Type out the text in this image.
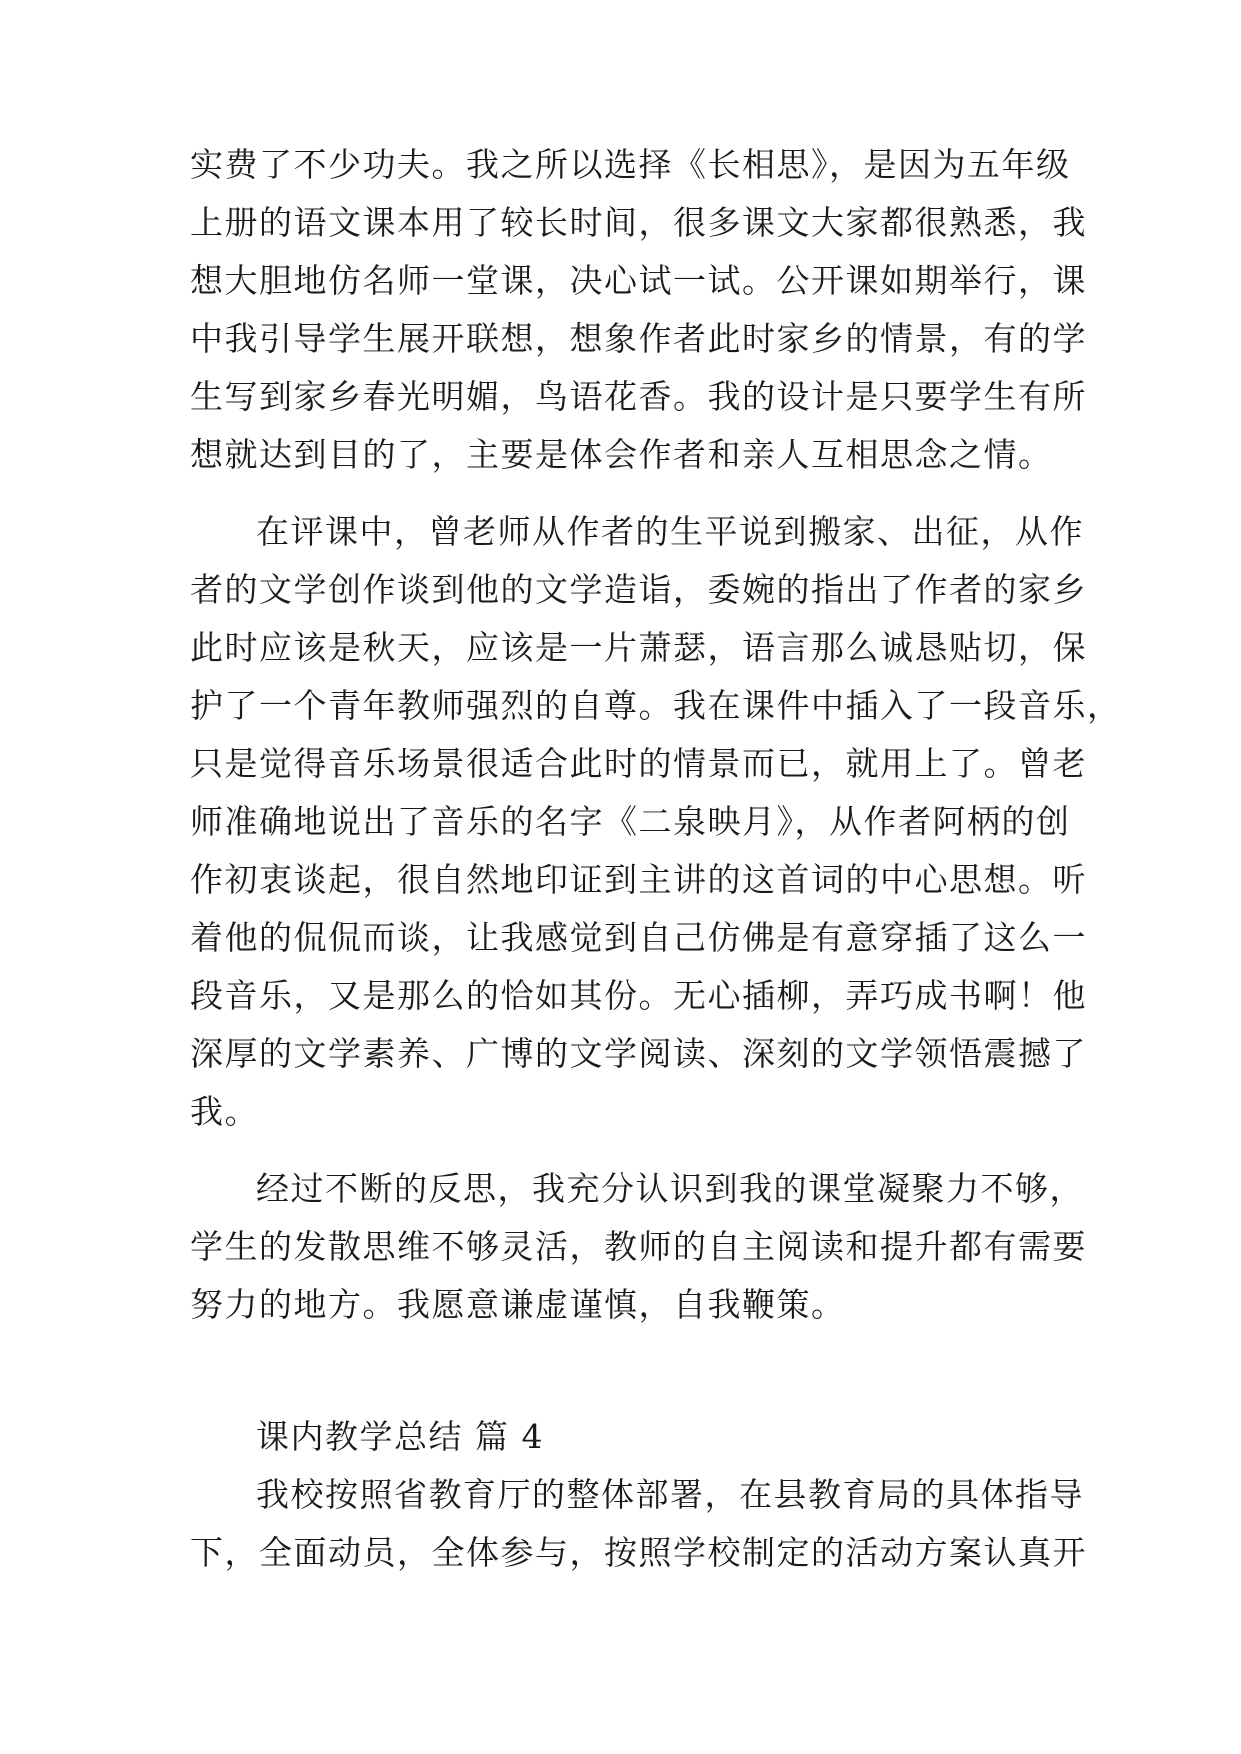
实费了不少功夫。我之所以选择《长相思》，是因为五年级
上册的语文课本用了较长时间，很多课文大家都很熟悉，我
想大胆地仿名师一堂课，决心试一试。公开课如期举行，课
中我引导学生展开联想，想象作者此时家乡的情景，有的学
生写到家乡春光明媚，鸟语花香。我的设计是只要学生有所
想就达到目的了，主要是体会作者和亲人互相思念之情。
在评课中，曾老师从作者的生平说到搬家、出征，从作
者的文学创作谈到他的文学造诣，委婉的指出了作者的家乡
此时应该是秋天，应该是一片萧瑟，语言那么诚恳贴切，保
护了一个青年教师强烈的自尊。我在课件中插入了一段音乐，
只是觉得音乐场景很适合此时的情景而已，就用上了。曾老
师准确地说出了音乐的名字《二泉映月》，从作者阿柄的创
作初衷谈起，很自然地印证到主讲的这首词的中心思想。听
着他的侃侃而谈，让我感觉到自己仿佛是有意穿插了这么一
段音乐，又是那么的恰如其份。无心插柳，弄巧成书啊！他
深厚的文学素养、广博的文学阅读、深刻的文学领悟震撼了
我。
经过不断的反思，我充分认识到我的课堂凝聚力不够，
学生的发散思维不够灵活，教师的自主阅读和提升都有需要
努力的地方。我愿意谦虚谨慎，自我鞭策。
课内教学总结 篇 4
我校按照省教育厅的整体部署，在县教育局的具体指导
下，全面动员，全体参与，按照学校制定的活动方案认真开
